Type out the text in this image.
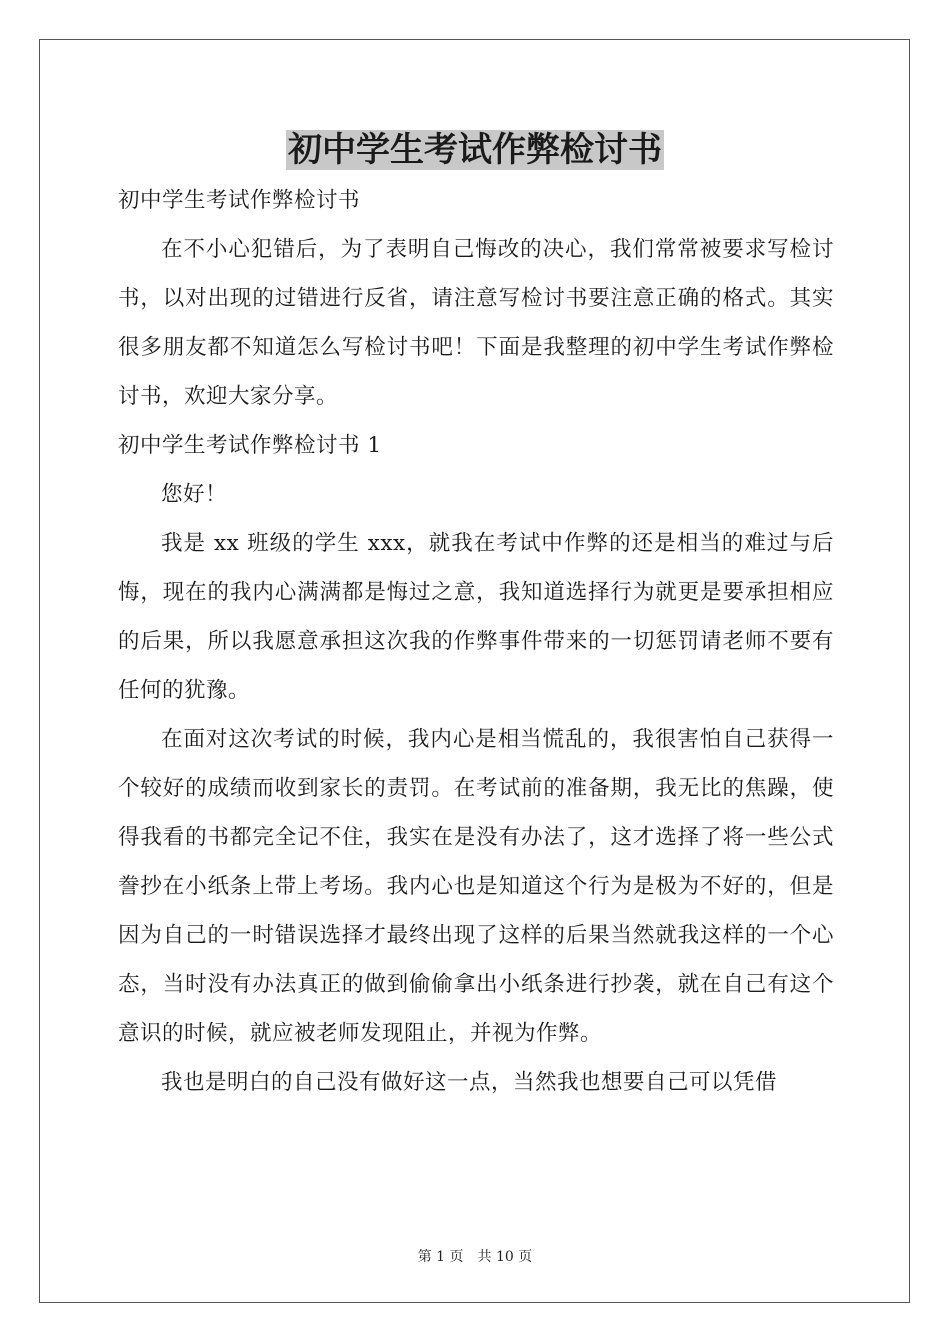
初中学生考试作弊检讨书

初中学生考试作弊检讨书

在不小心犯错后，为了表明自己悔改的决心，我们常常被要求写检讨书，以对出现的过错进行反省，请注意写检讨书要注意正确的格式。其实很多朋友都不知道怎么写检讨书吧！下面是我整理的初中学生考试作弊检讨书，欢迎大家分享。

初中学生考试作弊检讨书 1

您好！

我是 xx 班级的学生 xxx，就我在考试中作弊的还是相当的难过与后悔，现在的我内心满满都是悔过之意，我知道选择行为就更是要承担相应的后果，所以我愿意承担这次我的作弊事件带来的一切惩罚请老师不要有任何的犹豫。

在面对这次考试的时候，我内心是相当慌乱的，我很害怕自己获得一个较好的成绩而收到家长的责罚。在考试前的准备期，我无比的焦躁，使得我看的书都完全记不住，我实在是没有办法了，这才选择了将一些公式誊抄在小纸条上带上考场。我内心也是知道这个行为是极为不好的，但是因为自己的一时错误选择才最终出现了这样的后果当然就我这样的一个心态，当时没有办法真正的做到偷偷拿出小纸条进行抄袭，就在自己有这个意识的时候，就应被老师发现阻止，并视为作弊。

我也是明白的自己没有做好这一点，当然我也想要自己可以凭借

第 1 页 共 10 页
